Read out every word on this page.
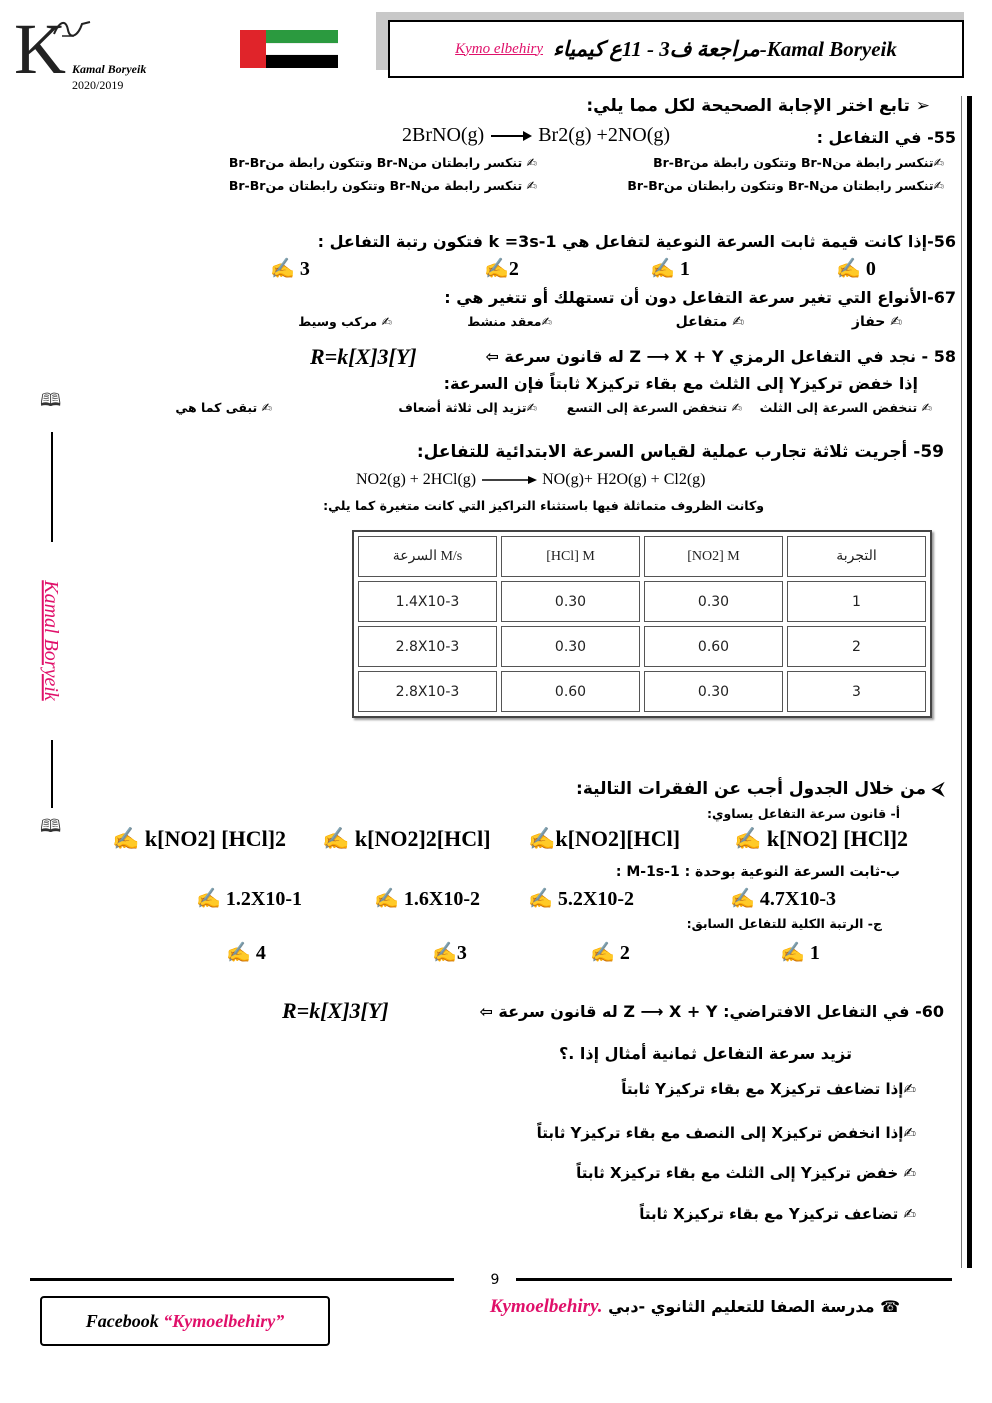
K Kamal Boryeik
2020/2019
Kymo elbehiry Kamal Boryeik-مراجعة ف3 - 11ع كيمياء
🕮
Kamal Boryeik
🕮
➢ تابع اختر الإجابة الصحيحة لكل مما يلي:
55- في التفاعل :
2BrNO(g) → Br2(g) +2NO(g)
✍تنكسر رابطة منBr-N وتتكون رابطة منBr-Br
✍ تنكسر رابطتان منBr-N وتتكون رابطة منBr-Br
✍تنكسر رابطتان منBr-N وتتكون رابطتان منBr-Br
✍ تنكسر رابطة منBr-N وتتكون رابطتان منBr-Br
56-إذا كانت قيمة ثابت السرعة النوعية لتفاعل هي k =3s-1 فتكون رتبة التفاعل :
✍ 0
✍ 1
✍2
✍ 3
67-الأنواع التي تغير سرعة التفاعل دون أن تستهلك أو تتغير هي :
✍ حفاز
✍ متفاعل
✍معقد منشط
✍ مركب وسيط
58 - نجد في التفاعل الرمزي Z ⟶ X + Y له قانون سرعة ⇦
R=k[X]3[Y]
إذا خفض تركيزY إلى الثلث مع بقاء تركيزX ثابتاً فإن السرعة:
✍ تنخفض السرعة إلى الثلث
✍ تنخفض السرعة إلى التسع
✍تزيد إلى ثلاثة أضعاف
✍ تبقى كما هي
59- أجريت ثلاثة تجارب عملية لقياس السرعة الابتدائية للتفاعل:
NO2(g) + 2HCl(g) → NO(g)+ H2O(g) + Cl2(g)
وكانت الظروف متماثلة فيها باستثناء التراكيز التي كانت متغيرة كما يلي:
السرعة M/s	[HCl] M	[NO2] M	التجربة
1.4X10-3	0.30	0.30	1
2.8X10-3	0.30	0.60	2
2.8X10-3	0.60	0.30	3
⮘ من خلال الجدول أجب عن الفقرات التالية:
أ- قانون سرعة التفاعل يساوي:
✍ k[NO2] [HCl]2 ✍ k[NO2]2[HCl] ✍k[NO2][HCl] ✍ k[NO2] [HCl]2
ب-ثابت السرعة النوعية بوحدة : M-1s-1 :
✍ 4.7X10-3
✍ 5.2X10-2
✍ 1.6X10-2
✍ 1.2X10-1
ج- الرتبة الكلية للتفاعل السابق:
✍ 1
✍ 2
✍3
✍ 4
60- في التفاعل الافتراضي: Z ⟶ X + Y له قانون سرعة ⇦
R=k[X]3[Y]
تزيد سرعة التفاعل ثمانية أمثال إذا .؟
✍إذا تضاعف تركيزX مع بقاء تركيزY ثابتاً
✍إذا انخفض تركيزX إلى النصف مع بقاء تركيزY ثابتاً
✍ خفض تركيزY إلى الثلث مع بقاء تركيزX ثابتاً
✍ تضاعف تركيزY مع بقاء تركيزX ثابتاً
9
Facebook
“Kymoelbehiry”
Kymoelbehiry. ☎ مدرسة الصفا للتعليم الثانوي -دبي
